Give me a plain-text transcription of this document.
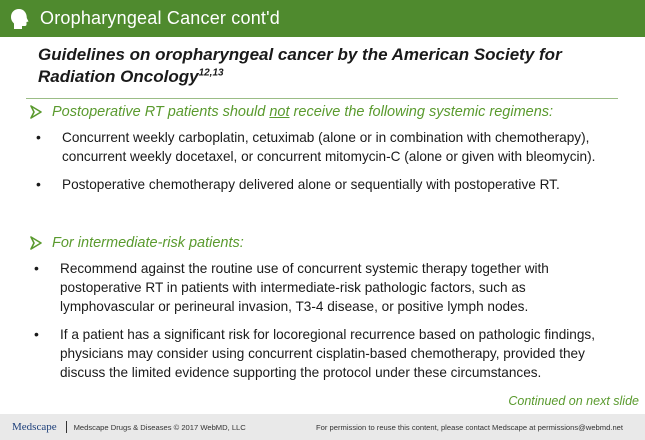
Oropharyngeal Cancer cont'd
Guidelines on oropharyngeal cancer by the American Society for Radiation Oncology$^{12,13}$
Postoperative RT patients should not receive the following systemic regimens:
• Concurrent weekly carboplatin, cetuximab (alone or in combination with chemotherapy), concurrent weekly docetaxel, or concurrent mitomycin-C (alone or given with bleomycin).
• Postoperative chemotherapy delivered alone or sequentially with postoperative RT.
For intermediate-risk patients:
• Recommend against the routine use of concurrent systemic therapy together with postoperative RT in patients with intermediate-risk pathologic factors, such as lymphovascular or perineural invasion, T3-4 disease, or positive lymph nodes.
• If a patient has a significant risk for locoregional recurrence based on pathologic findings, physicians may consider using concurrent cisplatin-based chemotherapy, provided they discuss the limited evidence supporting the protocol under these circumstances.
Continued on next slide
Medscape Medscape Drugs & Diseases © 2017 WebMD, LLC	For permission to reuse this content, please contact Medscape at permissions@webmd.net
